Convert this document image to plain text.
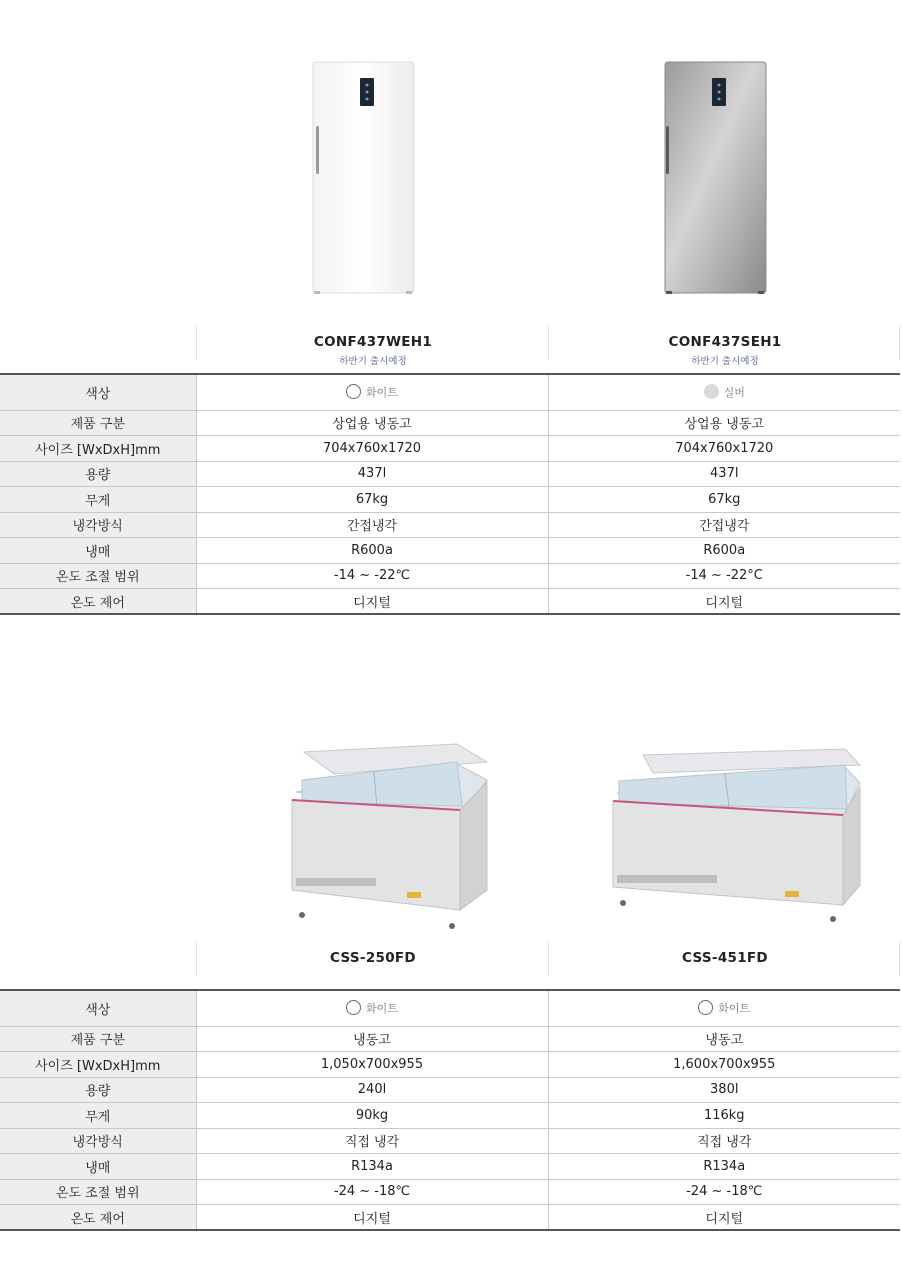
CONF437WEH1
하반기 출시예정
CONF437SEH1
하반기 출시예정
색상	화이트	실버
제품 구분	상업용 냉동고	상업용 냉동고
사이즈 [WxDxH]mm	704x760x1720	704x760x1720
용량	437l	437l
무게	67kg	67kg
냉각방식	간접냉각	간접냉각
냉매	R600a	R600a
온도 조절 범위	-14 ~ -22℃	-14 ~ -22°C
온도 제어	디지털	디지털
CSS-250FD	CSS-451FD
색상	화이트	화이트
제품 구분	냉동고	냉동고
사이즈 [WxDxH]mm	1,050x700x955	1,600x700x955
용량	240l	380l
무게	90kg	116kg
냉각방식	직접 냉각	직접 냉각
냉매	R134a	R134a
온도 조절 범위	-24 ~ -18℃	-24 ~ -18℃
온도 제어	디지털	디지털
